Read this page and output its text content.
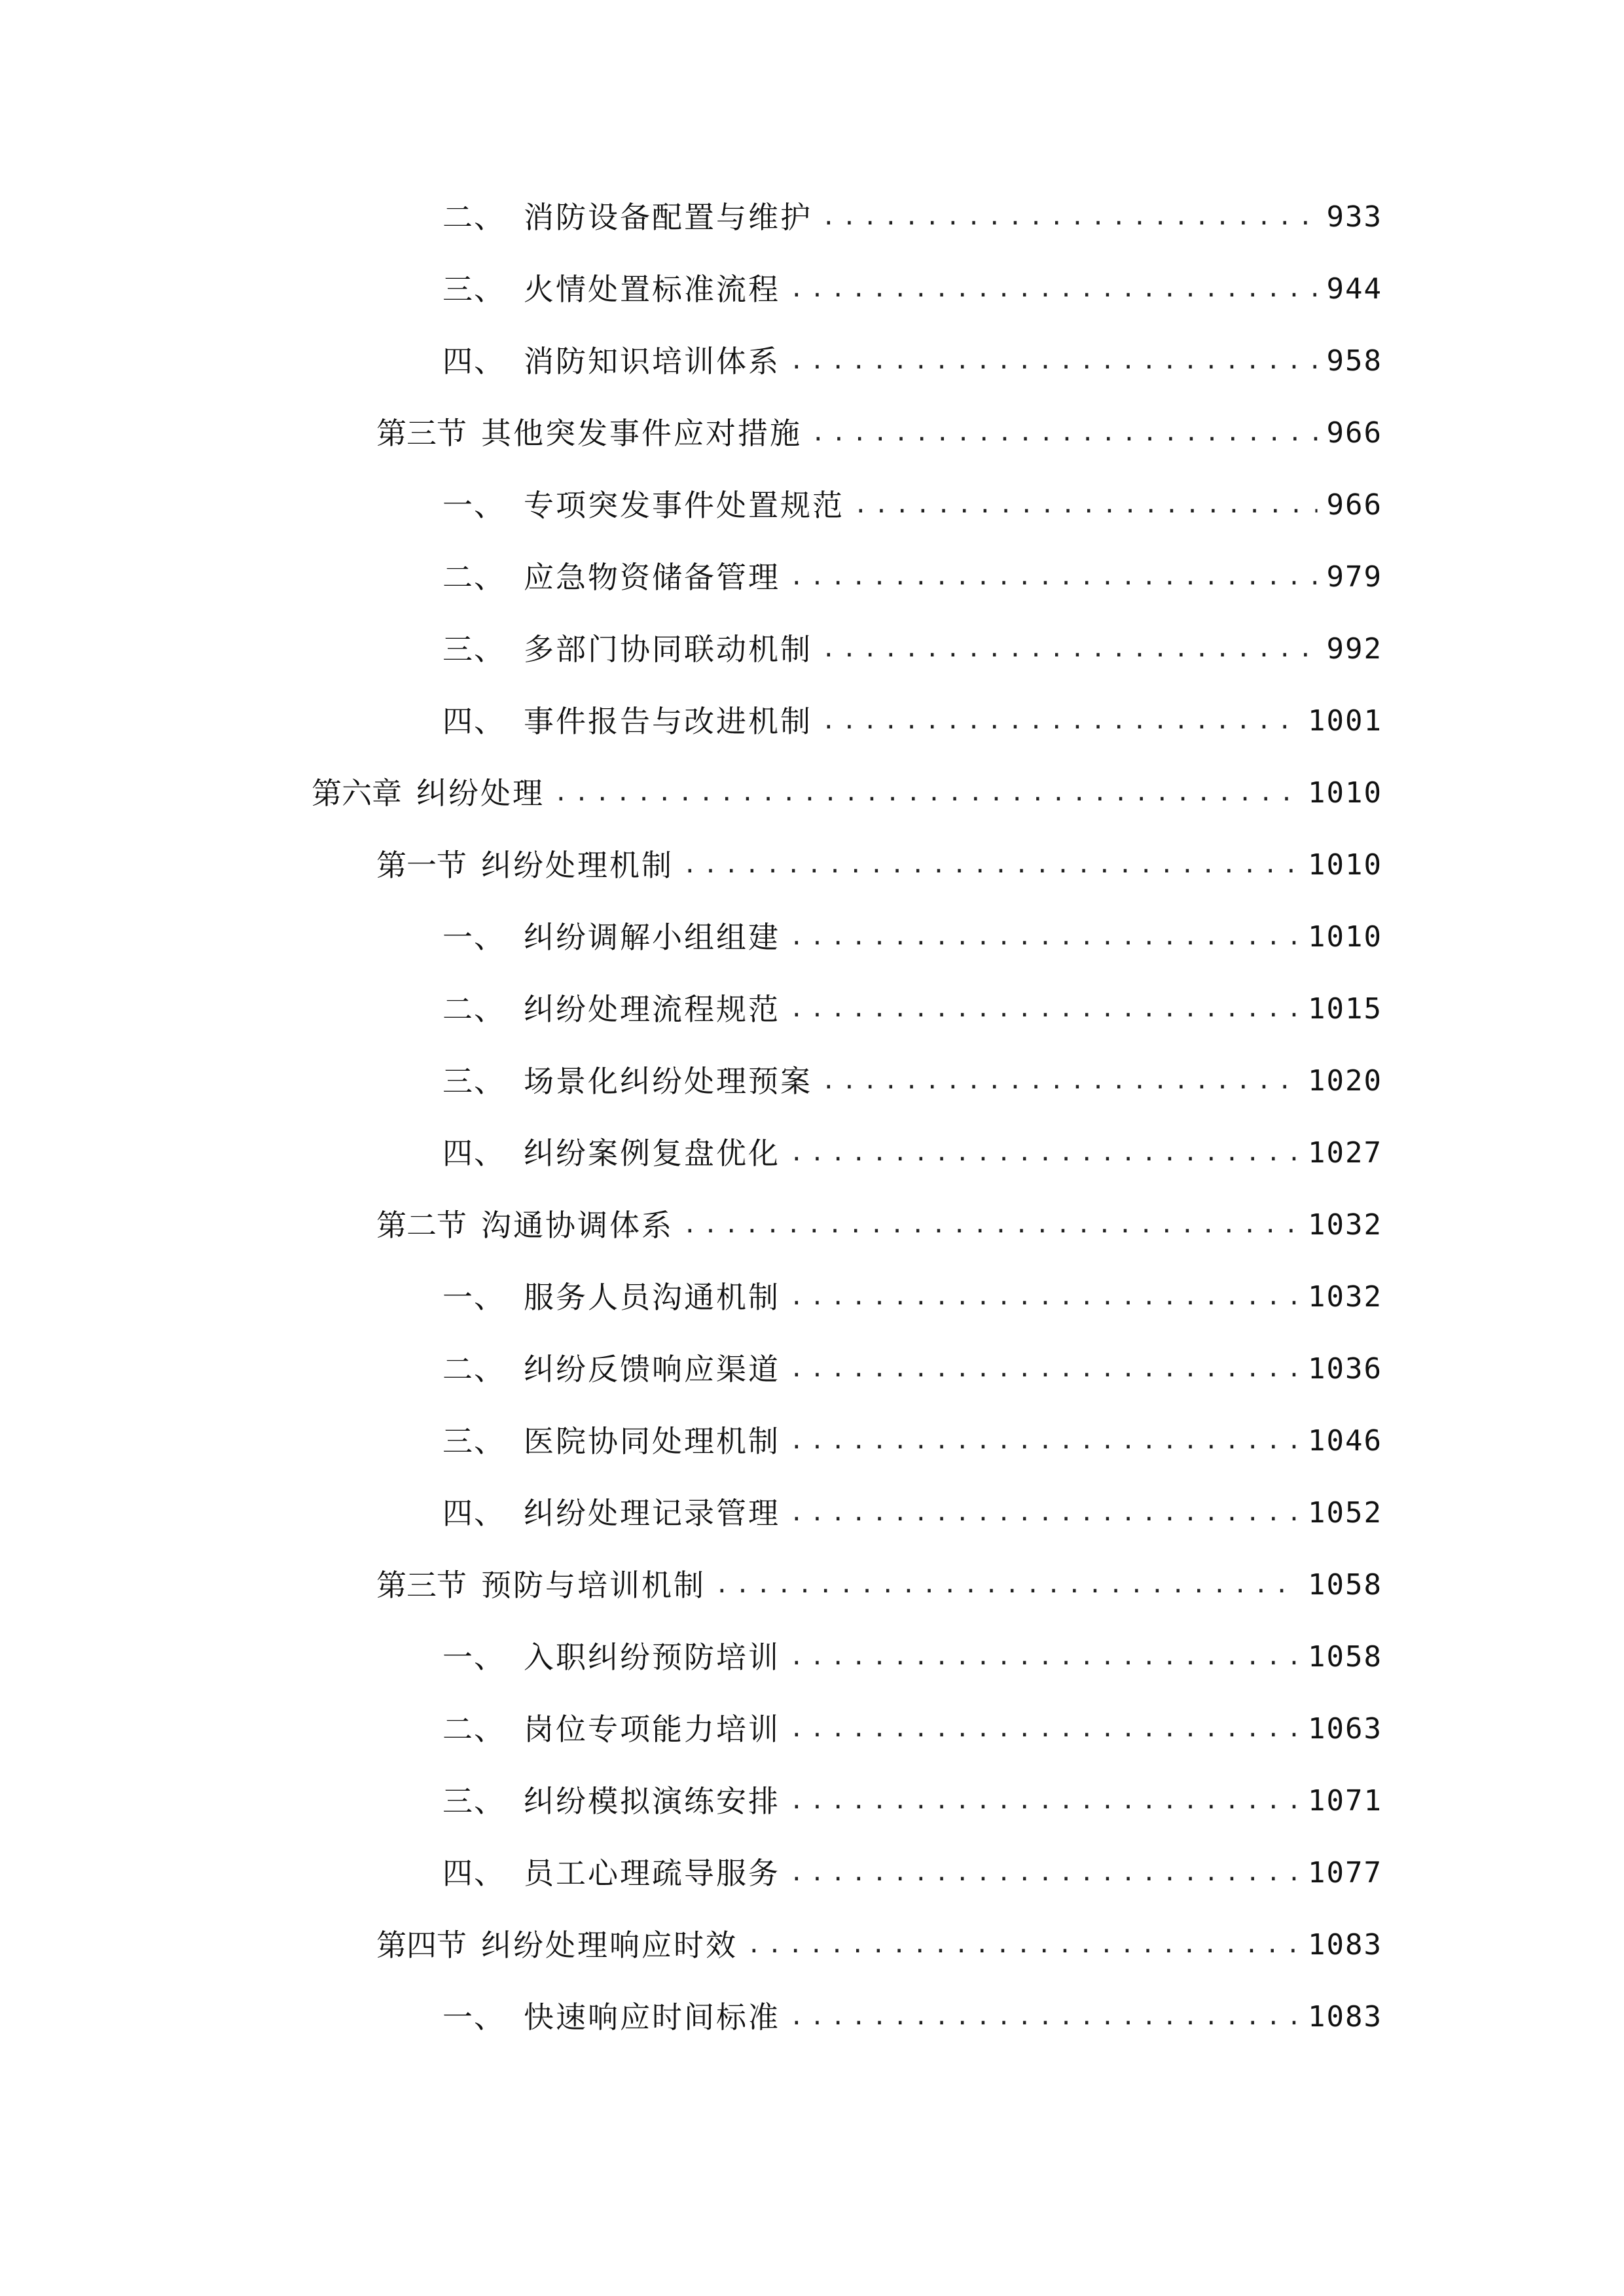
二、 消防设备配置与维护 .....	933
三、 火情处置标准流程 .....	944
四、 消防知识培训体系 .....	958
第三节 其他突发事件应对措施 .....	966
一、 专项突发事件处置规范 .....	966
二、 应急物资储备管理 .....	979
三、 多部门协同联动机制 .....	992
四、 事件报告与改进机制 .....	1001
第六章 纠纷处理 .....	1010
第一节 纠纷处理机制 .....	1010
一、 纠纷调解小组组建 .....	1010
二、 纠纷处理流程规范 .....	1015
三、 场景化纠纷处理预案 .....	1020
四、 纠纷案例复盘优化 .....	1027
第二节 沟通协调体系 .....	1032
一、 服务人员沟通机制 .....	1032
二、 纠纷反馈响应渠道 .....	1036
三、 医院协同处理机制 .....	1046
四、 纠纷处理记录管理 .....	1052
第三节 预防与培训机制 .....	1058
一、 入职纠纷预防培训 .....	1058
二、 岗位专项能力培训 .....	1063
三、 纠纷模拟演练安排 .....	1071
四、 员工心理疏导服务 .....	1077
第四节 纠纷处理响应时效 .....	1083
一、 快速响应时间标准 .....	1083
